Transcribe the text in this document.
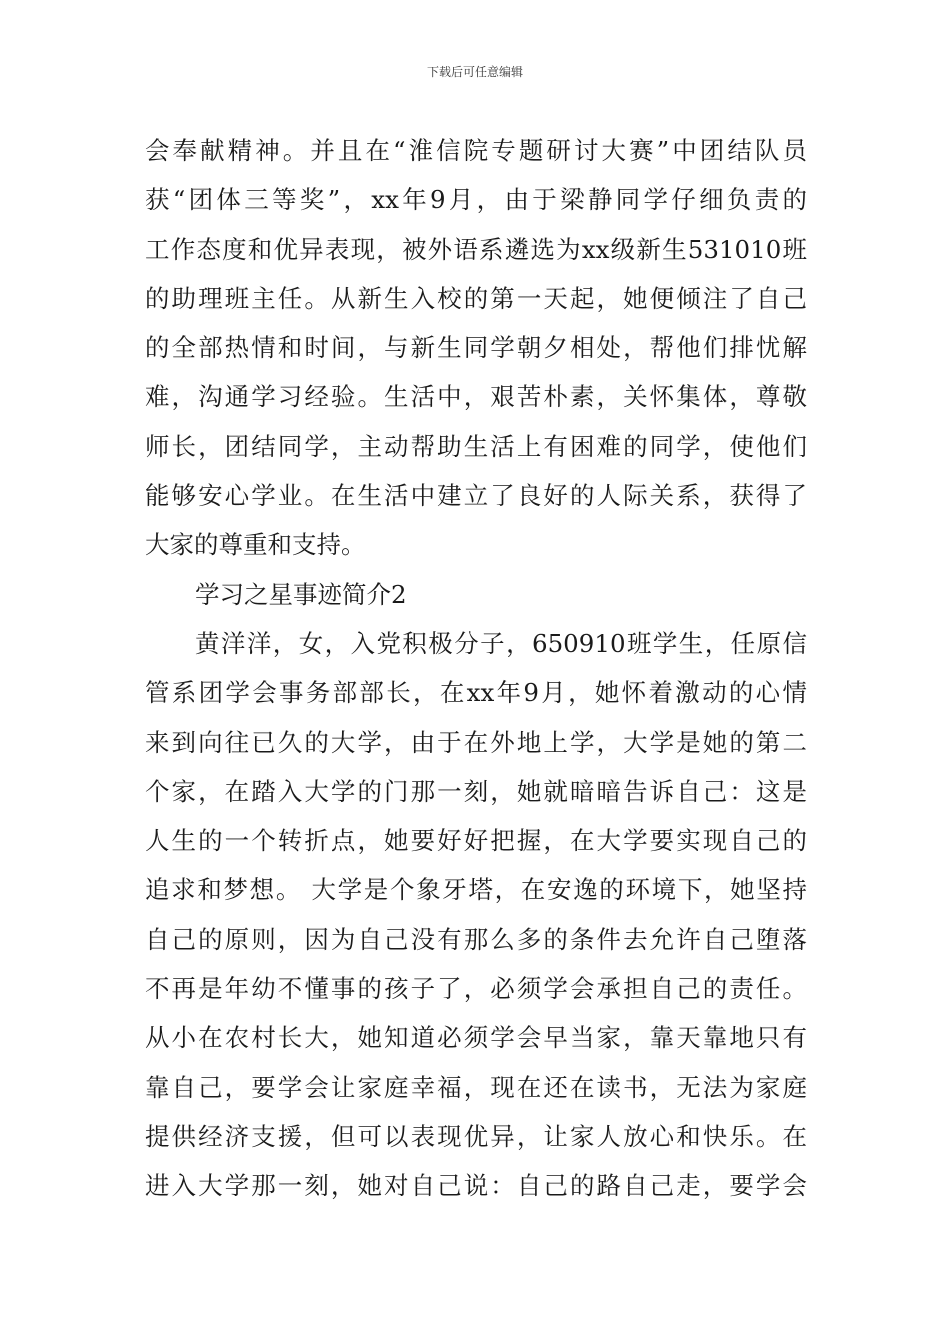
下载后可任意编辑
会奉献精神。并且在“淮信院专题研讨大赛”中团结队员
获“团体三等奖”，xx年9月，由于梁静同学仔细负责的
工作态度和优异表现，被外语系遴选为xx级新生531010班
的助理班主任。从新生入校的第一天起，她便倾注了自己
的全部热情和时间，与新生同学朝夕相处，帮他们排忧解
难，沟通学习经验。生活中，艰苦朴素，关怀集体，尊敬
师长，团结同学，主动帮助生活上有困难的同学，使他们
能够安心学业。在生活中建立了良好的人际关系，获得了
大家的尊重和支持。
学习之星事迹简介2
黄洋洋，女，入党积极分子，650910班学生，任原信
管系团学会事务部部长，在xx年9月，她怀着激动的心情
来到向往已久的大学，由于在外地上学，大学是她的第二
个家，在踏入大学的门那一刻，她就暗暗告诉自己：这是
人生的一个转折点，她要好好把握，在大学要实现自己的
追求和梦想。 大学是个象牙塔，在安逸的环境下，她坚持
自己的原则，因为自己没有那么多的条件去允许自己堕落
不再是年幼不懂事的孩子了，必须学会承担自己的责任。
从小在农村长大，她知道必须学会早当家，靠天靠地只有
靠自己，要学会让家庭幸福，现在还在读书，无法为家庭
提供经济支援，但可以表现优异，让家人放心和快乐。在
进入大学那一刻，她对自己说：自己的路自己走，要学会
